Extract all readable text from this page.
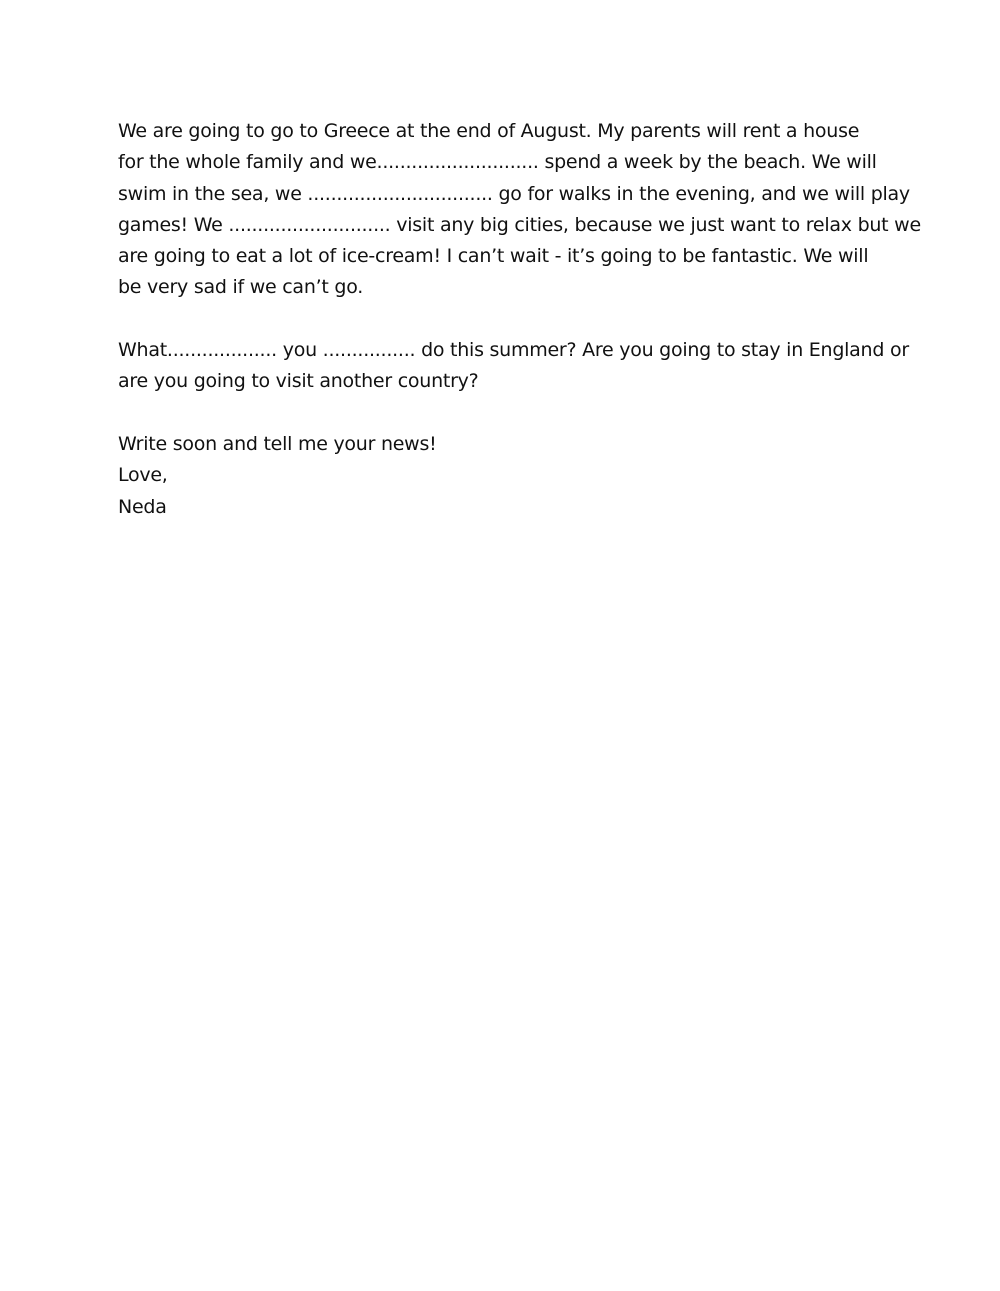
We are going to go to Greece at the end of August. My parents will rent a house
for the whole family and we............................ spend a week by the beach. We will
swim in the sea, we ................................ go for walks in the evening, and we will play
games! We ............................ visit any big cities, because we just want to relax but we
are going to eat a lot of ice-cream! I can’t wait - it’s going to be fantastic. We will
be very sad if we can’t go.

What................... you ................ do this summer? Are you going to stay in England or
are you going to visit another country?

Write soon and tell me your news!
Love,
Neda
